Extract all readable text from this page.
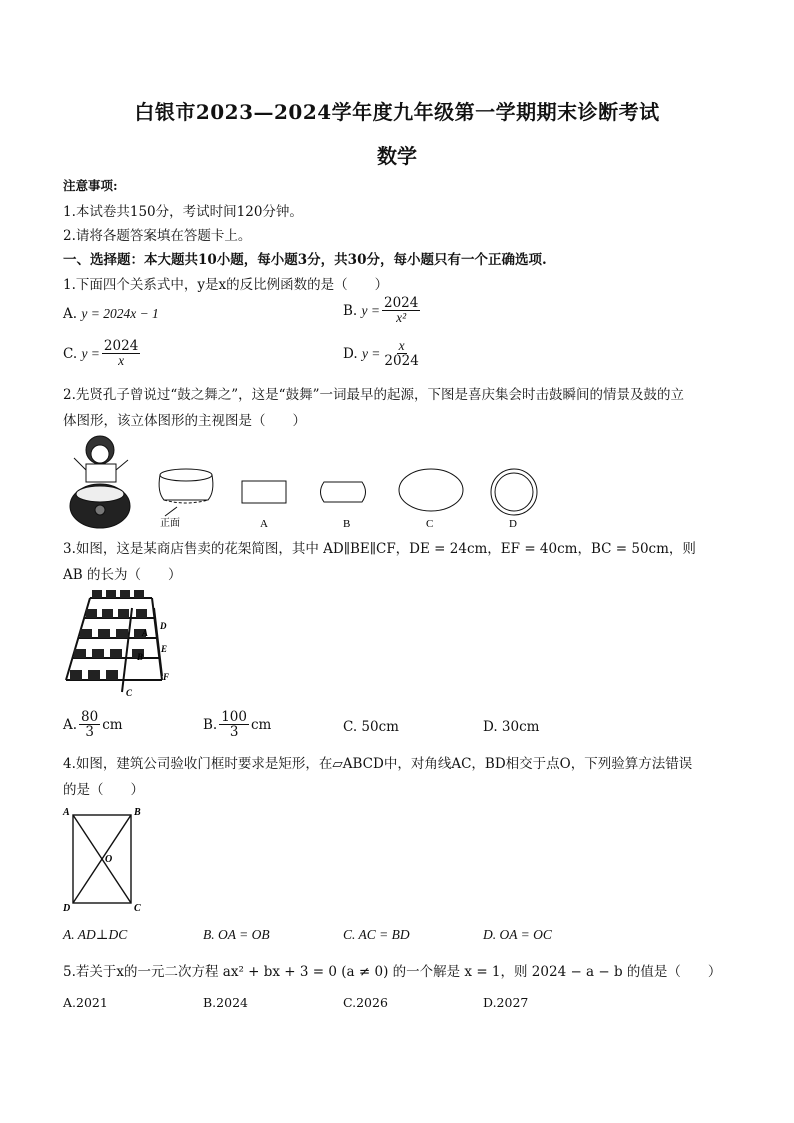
白银市2023—2024学年度九年级第一学期期末诊断考试
数学
注意事项:
1.本试卷共150分，考试时间120分钟。
2.请将各题答案填在答题卡上。
一、选择题：本大题共10小题，每小题3分，共30分，每小题只有一个正确选项.
1.下面四个关系式中，y是x的反比例函数的是（　　）
A.
y = 2024x − 1	B.
$y = \frac{2024}{\text{x²}}$
C.
$y = \frac{2024}{x}$	D.
$y = \frac{x}{2024}$
2.先贤孔子曾说过“鼓之舞之”，这是“鼓舞”一词最早的起源，下图是喜庆集会时击鼓瞬间的情景及鼓的立
体图形，该立体图形的主视图是（　　）
正面	A	B	C	D
3.如图，这是某商店售卖的花架简图，其中 AD∥BE∥CF，DE = 24cm，EF = 40cm，BC = 50cm，则
AB 的长为（　　）
A
B
C
D
E
F
A. $\frac{80}{3}$ cm	B. $\frac{100}{3}$ cm	C. 50cm	D. 30cm
4.如图，建筑公司验收门框时要求是矩形，在▱ABCD中，对角线AC，BD相交于点O，下列验算方法错误
的是（　　）
A	B
C
D
O
A. AD⊥DC	B. OA = OB	C. AC = BD	D. OA = OC
5.若关于x的一元二次方程 ax² + bx + 3 = 0 (a ≠ 0) 的一个解是 x = 1，则 2024 − a − b 的值是（　　）
A.2021	B.2024	C.2026	D.2027
